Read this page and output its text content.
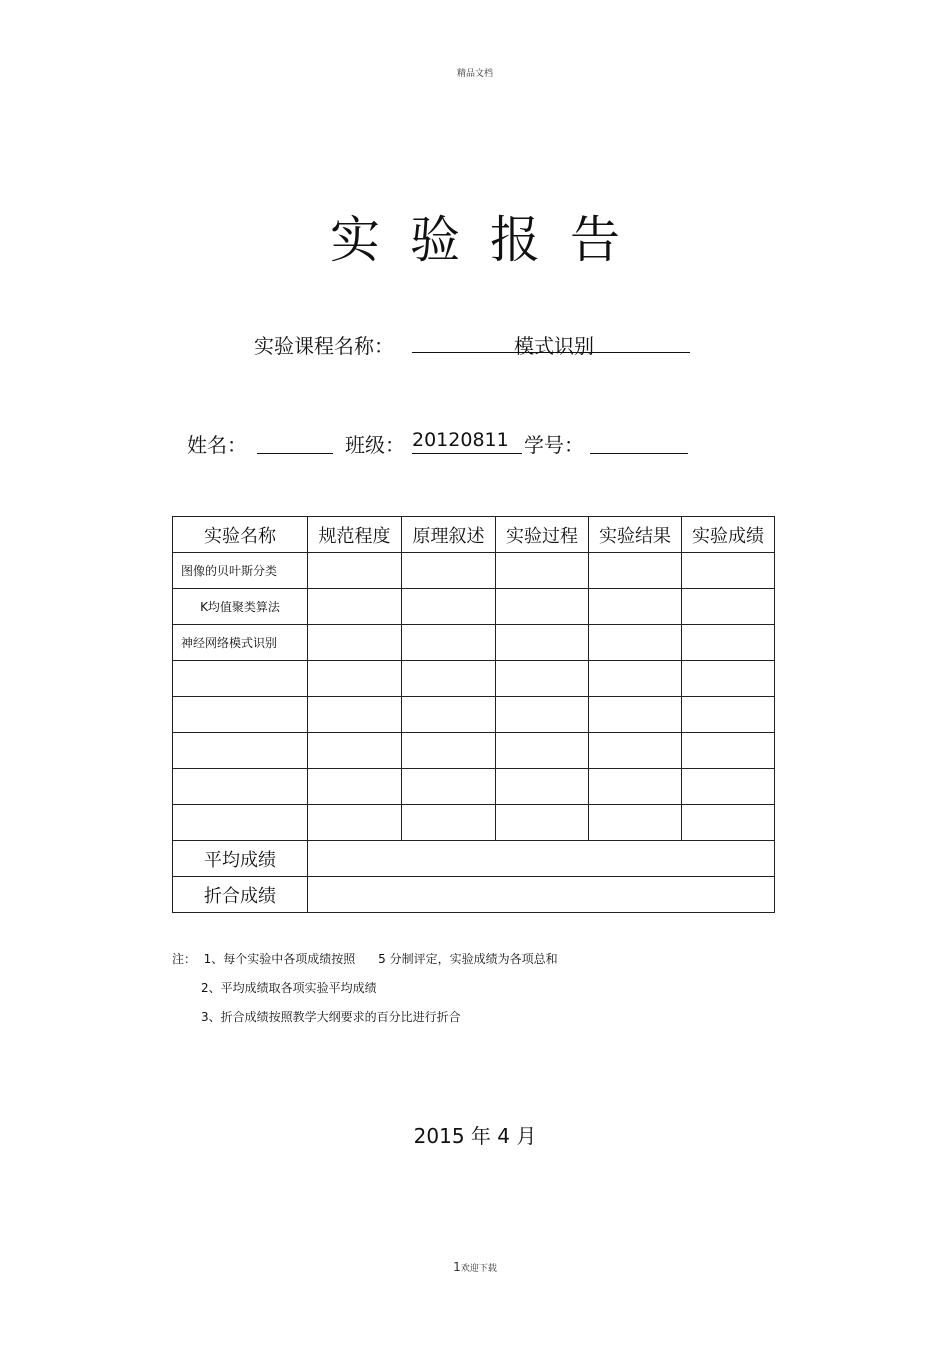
精品文档
实验报告
实验课程名称：	模式识别
姓名：	班级： 20120811 学号：
实验名称	规范程度	原理叙述	实验过程	实验结果	实验成绩
图像的贝叶斯分类					
K均值聚类算法					
神经网络模式识别					

平均成绩					
折合成绩					
注：  1、每个实验中各项成绩按照      5 分制评定，实验成绩为各项总和
2、平均成绩取各项实验平均成绩
3、折合成绩按照教学大纲要求的百分比进行折合
2015 年 4 月
1欢迎下载
